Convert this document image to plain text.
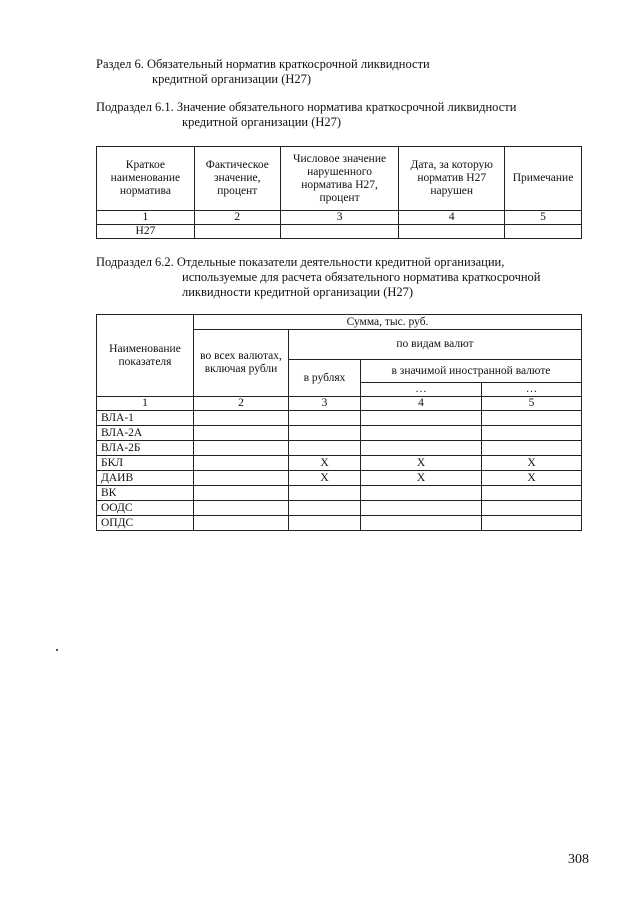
Раздел 6. Обязательный норматив краткосрочной ликвидности
кредитной организации (Н27)
Подраздел 6.1. Значение обязательного норматива краткосрочной ликвидности
кредитной организации (Н27)
Краткое наименование норматива	Фактическое значение, процент	Числовое значение нарушенного норматива Н27, процент	Дата, за которую норматив Н27 нарушен	Примечание
1	2	3	4	5
Н27				
Подраздел 6.2. Отдельные показатели деятельности кредитной организации,
используемые для расчета обязательного норматива краткосрочной
ликвидности кредитной организации (Н27)
Наименование показателя	Сумма, тыс. руб.			
	во всех валютах, включая рубли	по видам валют		
		в рублях	в значимой иностранной валюте	
			…	…
1	2	3	4	5
ВЛА-1				
ВЛА-2А				
ВЛА-2Б				
БКЛ		X	X	X
ДАИВ		X	X	X
ВК				
ООДС				
ОПДС				
308
